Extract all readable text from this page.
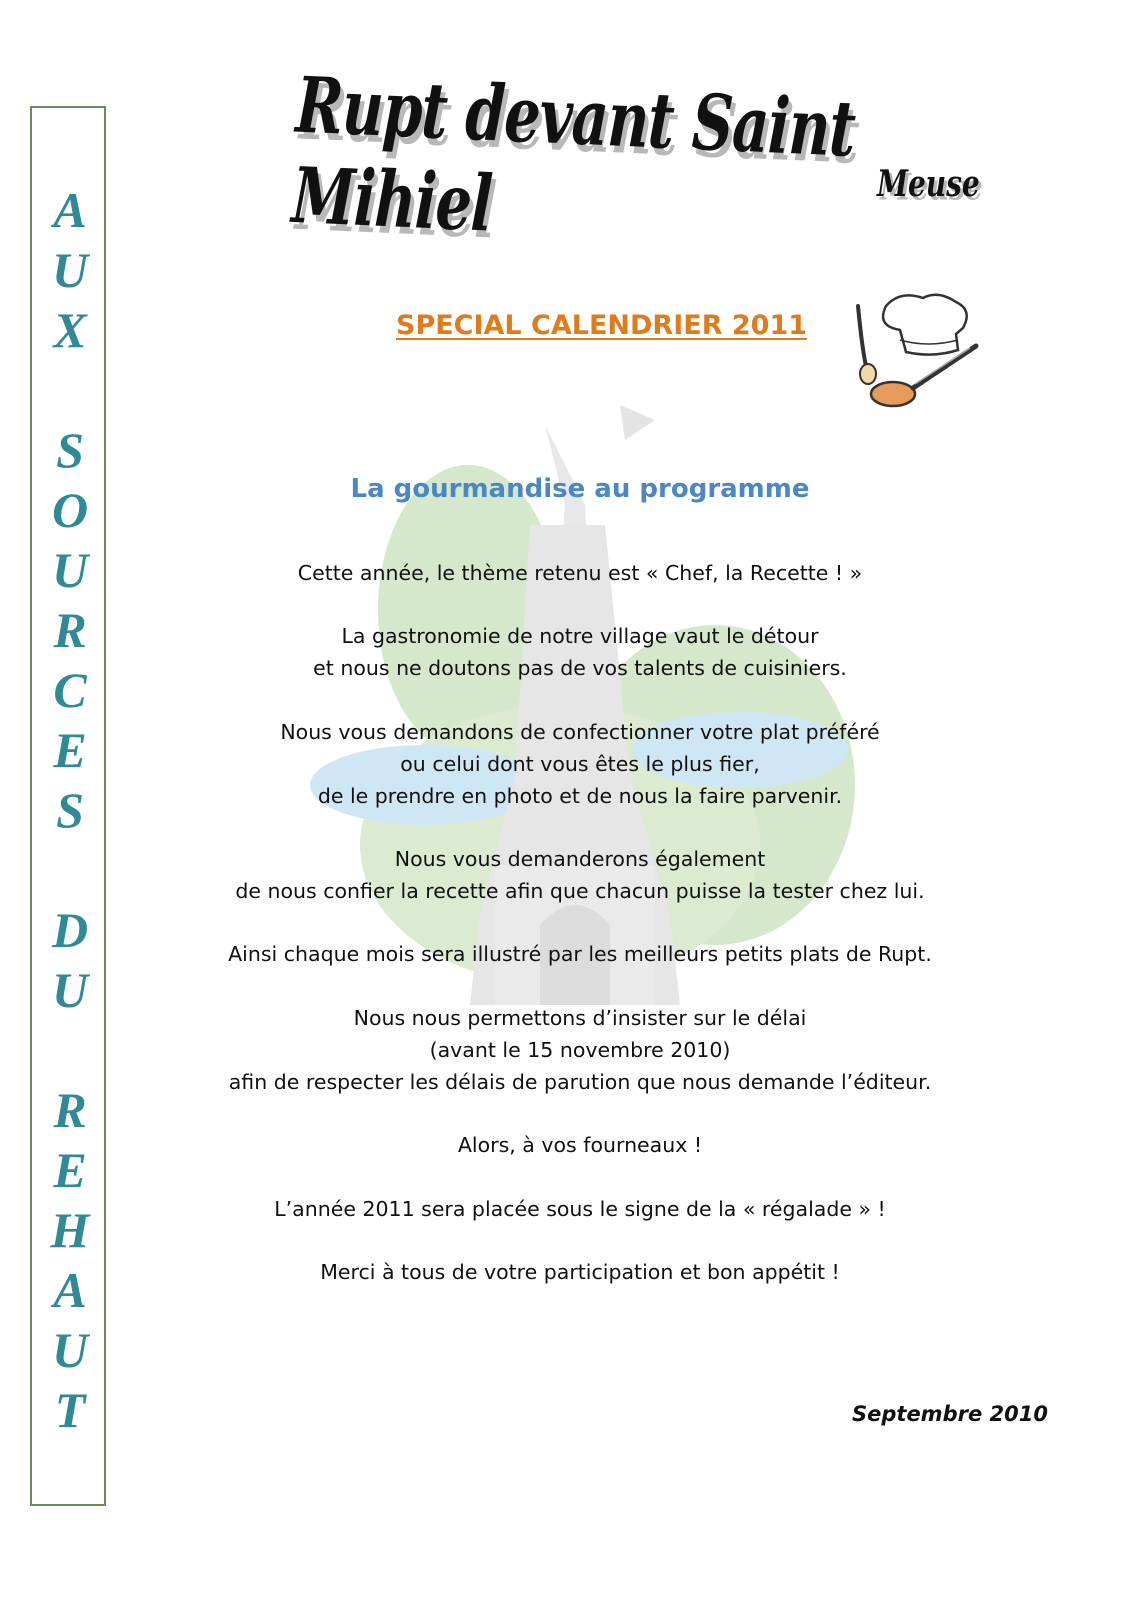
A
U
X
S
O
U
R
C
E
S
D
U
R
E
H
A
U
T
Rupt devant Saint Mihiel	Meuse
SPECIAL CALENDRIER 2011
La gourmandise au programme
Cette année, le thème retenu est « Chef, la Recette ! »
La gastronomie de notre village vaut le détour
et nous ne doutons pas de vos talents de cuisiniers.
Nous vous demandons de confectionner votre plat préféré
ou celui dont vous êtes le plus fier,
de le prendre en photo et de nous la faire parvenir.
Nous vous demanderons également
de nous confier la recette afin que chacun puisse la tester chez lui.
Ainsi chaque mois sera illustré par les meilleurs petits plats de Rupt.
Nous nous permettons d’insister sur le délai
(avant le 15 novembre 2010)
afin de respecter les délais de parution que nous demande l’éditeur.
Alors, à vos fourneaux !
L’année 2011 sera placée sous le signe de la « régalade » !
Merci à tous de votre participation et bon appétit !
Septembre 2010
